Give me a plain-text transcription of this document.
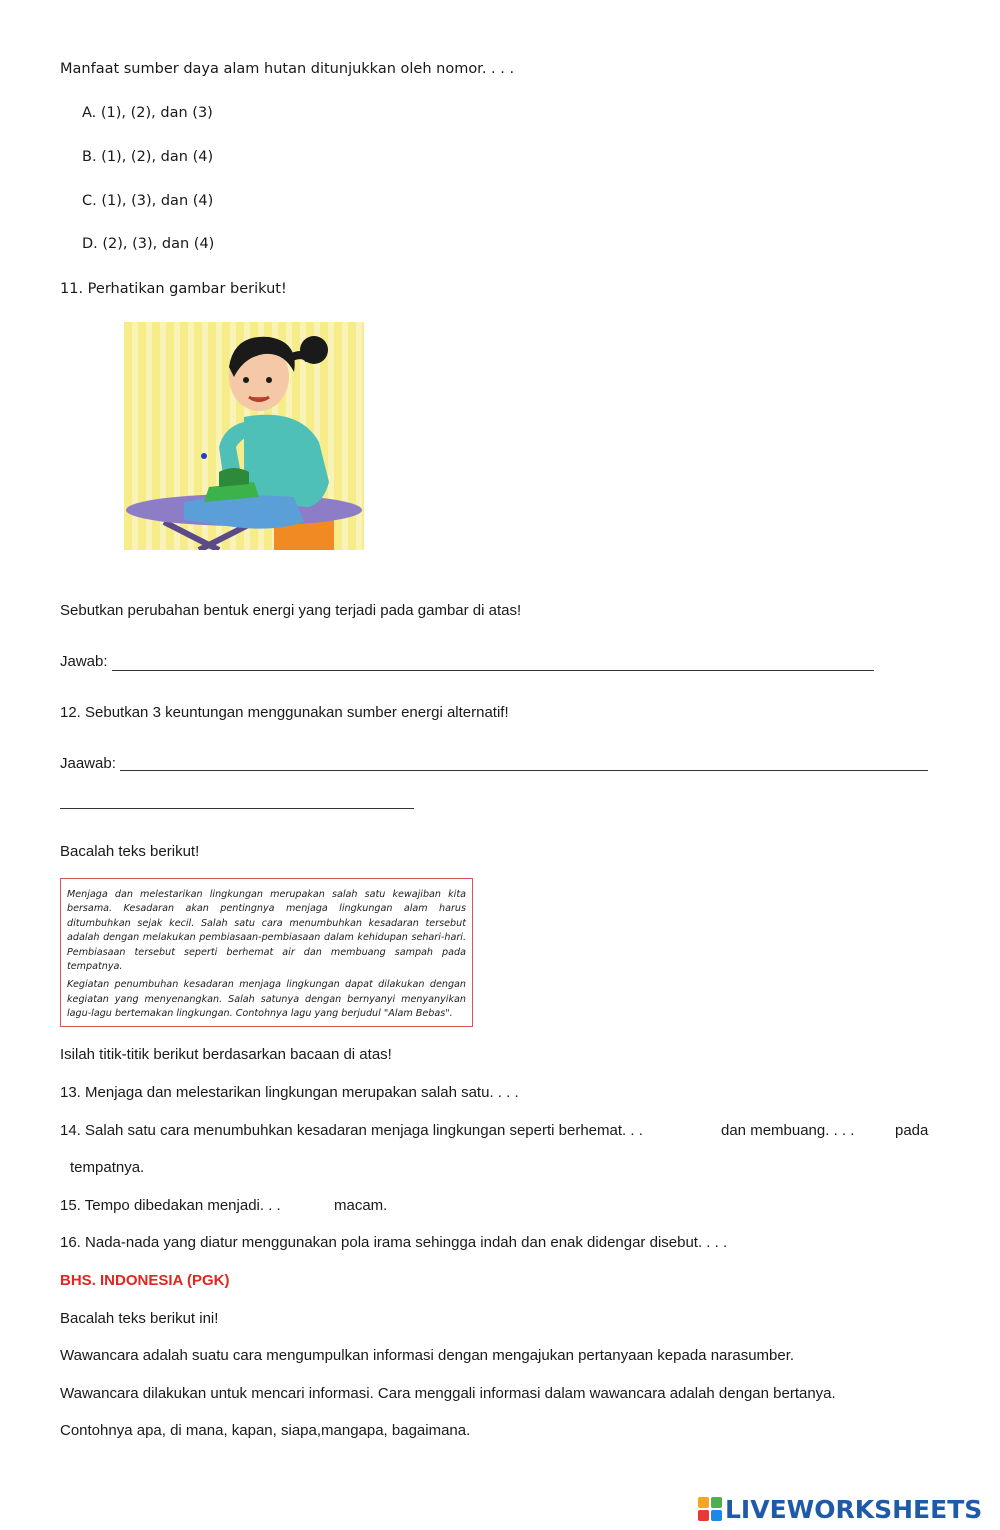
Manfaat sumber daya alam hutan ditunjukkan oleh nomor. . . .
A. (1), (2), dan (3)
B. (1), (2), dan (4)
C. (1), (3), dan (4)
D. (2), (3), dan (4)
11. Perhatikan gambar berikut!
Sebutkan perubahan bentuk energi yang terjadi pada gambar di atas!
Jawab:
12. Sebutkan 3 keuntungan menggunakan sumber energi alternatif!
Jaawab:
Bacalah teks berikut!

Menjaga dan melestarikan lingkungan merupakan salah satu kewajiban kita bersama. Kesadaran akan pentingnya menjaga lingkungan alam harus ditumbuhkan sejak kecil. Salah satu cara menumbuhkan kesadaran tersebut adalah dengan melakukan pembiasaan-pembiasaan dalam kehidupan sehari-hari. Pembiasaan tersebut seperti berhemat air dan membuang sampah pada tempatnya.

Kegiatan penumbuhan kesadaran menjaga lingkungan dapat dilakukan dengan kegiatan yang menyenangkan. Salah satunya dengan bernyanyi menyanyikan lagu-lagu bertemakan lingkungan. Contohnya lagu yang berjudul "Alam Bebas".

Isilah titik-titik berikut berdasarkan bacaan di atas!
13. Menjaga dan melestarikan lingkungan merupakan salah satu. . . .
14. Salah satu cara menumbuhkan kesadaran menjaga lingkungan seperti berhemat. . .	dan membuang. . . .	pada
tempatnya.
15. Tempo dibedakan menjadi. . .	macam.
16. Nada-nada yang diatur menggunakan pola irama sehingga indah dan enak didengar disebut. . . .
BHS. INDONESIA (PGK)
Bacalah teks berikut ini!
Wawancara adalah suatu cara mengumpulkan informasi dengan mengajukan pertanyaan kepada narasumber.
Wawancara dilakukan untuk mencari informasi. Cara menggali informasi dalam wawancara adalah dengan bertanya.
Contohnya apa, di mana, kapan, siapa,mangapa, bagaimana.
LIVEWORKSHEETS
